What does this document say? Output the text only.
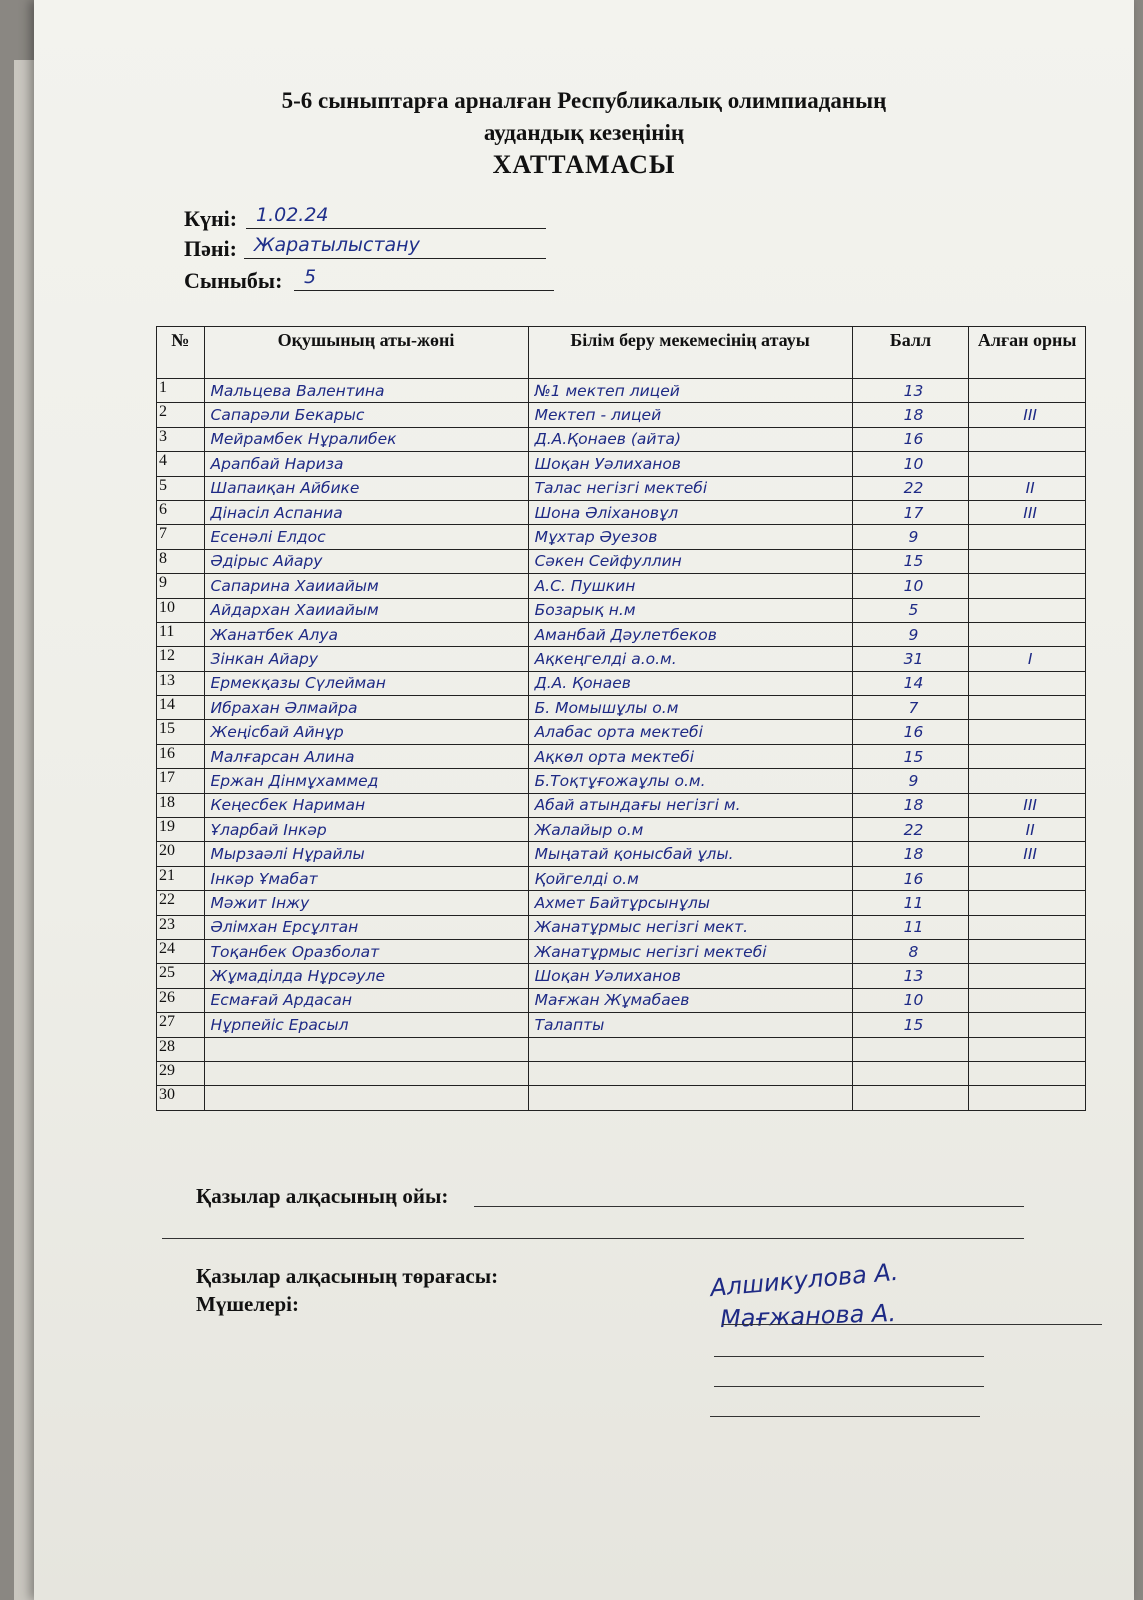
5-6 сыныптарға арналған Республикалық олимпиаданың
аудандық кезеңінің
ХАТТАМАСЫ
Күні: 1.02.24
Пәні: Жаратылыстану
Сыныбы:	5
№	Оқушының аты-жөні	Білім беру мекемесінің атауы	Балл	Алған орны
1	Мальцева Валентина	№1 мектеп лицей	13	
2	Сапарәли Бекарыс	Мектеп - лицей	18	III
3	Мейрамбек Нұралибек	Д.А.Қонаев (айта)	16	
4	Арапбай Нариза	Шоқан Уәлиханов	10	
5	Шапаиқан Айбике	Талас негізгі мектебі	22	II
6	Дінасіл Аспаниа	Шона Әліхановұл	17	III
7	Есенәлі Елдос	Мұхтар Әуезов	9	
8	Әдірыс Айару	Сәкен Сейфуллин	15	
9	Сапарина Хаииайым	А.С. Пушкин	10	
10	Айдархан Хаииайым	Бозарық н.м	5	
11	Жанатбек Алуа	Аманбай Дәулетбеков	9	
12	Зінкан Айару	Ақкеңгелді а.о.м.	31	I
13	Ермекқазы Сүлейман	Д.А. Қонаев	14	
14	Ибрахан Әлмайра	Б. Момышұлы о.м	7	
15	Жеңісбай Айнұр	Алабас орта мектебі	16	
16	Малғарсан Алина	Ақкөл орта мектебі	15	
17	Ержан Дінмұхаммед	Б.Тоқтұғожаұлы о.м.	9	
18	Кеңесбек Нариман	Абай атындағы негізгі м.	18	III
19	Ұларбай Інкәр	Жалайыр о.м	22	II
20	Мырзаәлі Нұрайлы	Мыңатай қонысбай ұлы.	18	III
21	Інкәр Ұмабат	Қойгелді о.м	16	
22	Мәжит Інжу	Ахмет Байтұрсынұлы	11	
23	Әлімхан Ерсұлтан	Жанатұрмыс негізгі мект.	11	
24	Тоқанбек Оразболат	Жанатұрмыс негізгі мектебі	8	
25	Жұмаділда Нұрсәуле	Шоқан Уәлиханов	13	
26	Есмағай Ардасан	Мағжан Жұмабаев	10	
27	Нұрпейіс Ерасыл	Талапты	15	
28				
29				
30				
Қазылар алқасының ойы:
Қазылар алқасының төрағасы:
Мүшелері:
Алшикулова А.
Мағжанова А.
